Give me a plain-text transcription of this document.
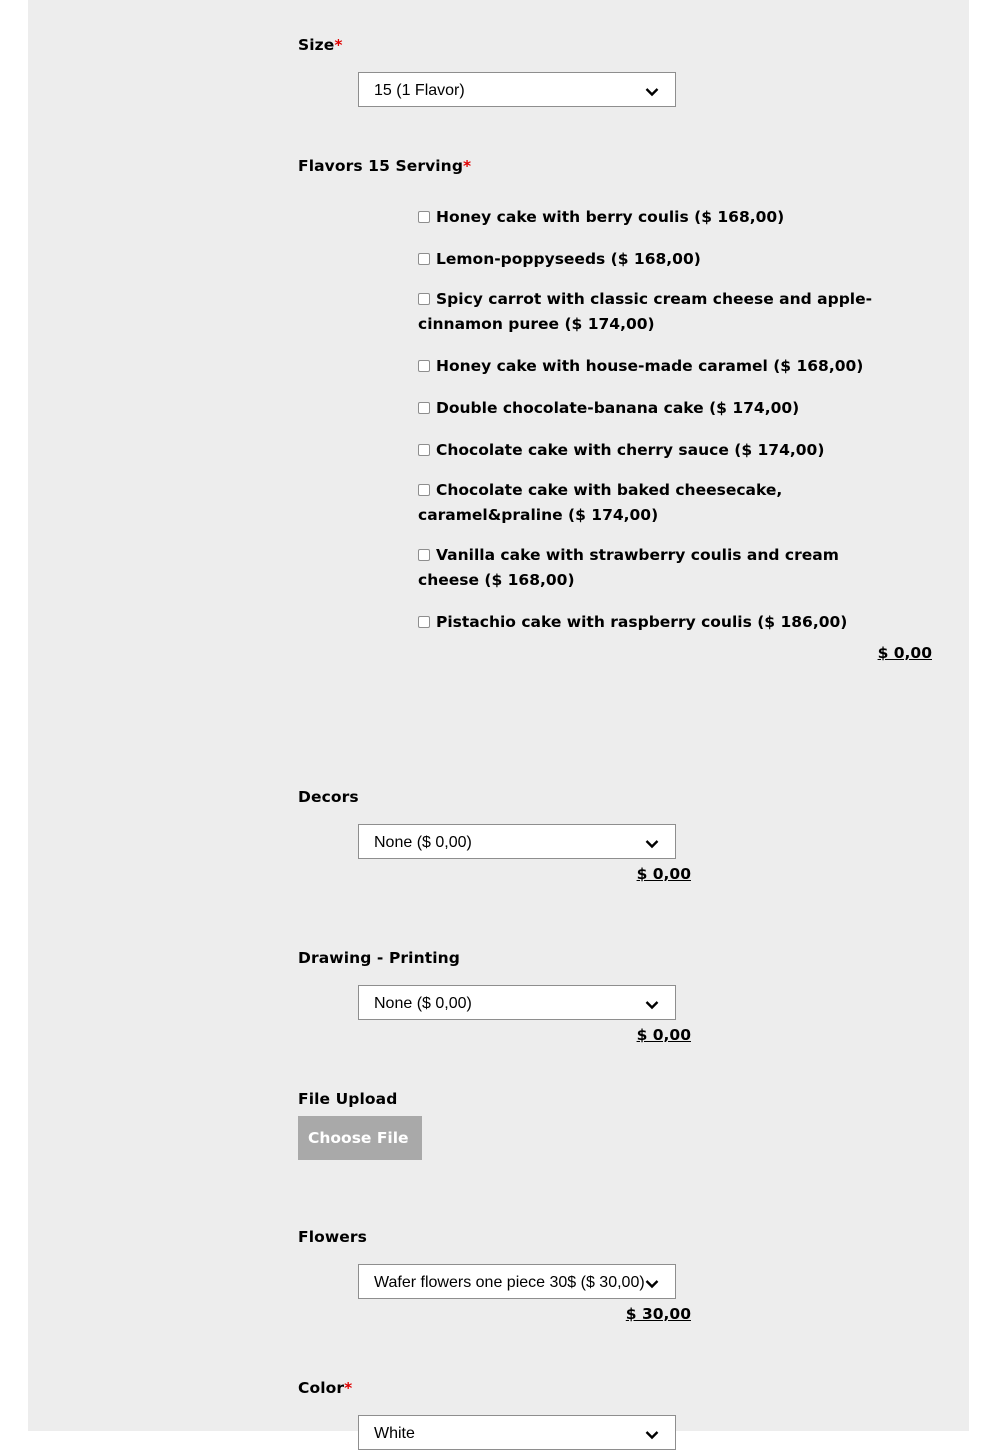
Size*
15 (1 Flavor)
Flavors 15 Serving*
Honey cake with berry coulis ($ 168,00)
Lemon-poppyseeds ($ 168,00)
Spicy carrot with classic cream cheese and apple-cinnamon puree ($ 174,00)
Honey cake with house-made caramel ($ 168,00)
Double chocolate-banana cake ($ 174,00)
Chocolate cake with cherry sauce ($ 174,00)
Chocolate cake with baked cheesecake, caramel&praline ($ 174,00)
Vanilla cake with strawberry coulis and cream cheese ($ 168,00)
Pistachio cake with raspberry coulis ($ 186,00)
$ 0,00
Decors
None ($ 0,00)
$ 0,00
Drawing - Printing
None ($ 0,00)
$ 0,00
File Upload
Choose File
Flowers
Wafer flowers one piece 30$ ($ 30,00)
$ 30,00
Color*
White
